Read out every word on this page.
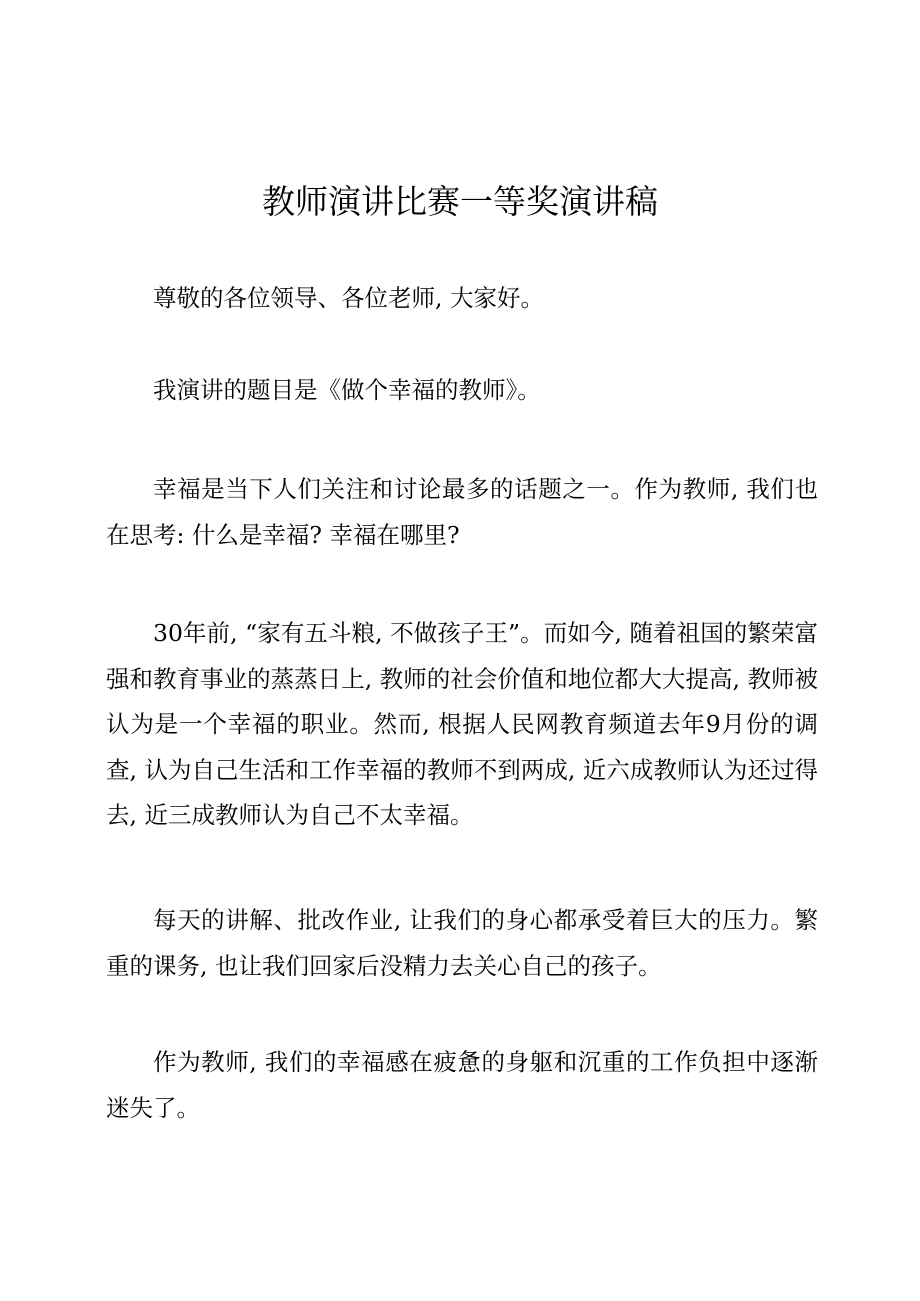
教师演讲比赛一等奖演讲稿

尊敬的各位领导、各位老师, 大家好。

我演讲的题目是《做个幸福的教师》。

幸福是当下人们关注和讨论最多的话题之一。作为教师, 我们也在思考: 什么是幸福? 幸福在哪里?

30年前, “家有五斗粮, 不做孩子王”。而如今, 随着祖国的繁荣富强和教育事业的蒸蒸日上, 教师的社会价值和地位都大大提高, 教师被认为是一个幸福的职业。然而, 根据人民网教育频道去年9月份的调查, 认为自己生活和工作幸福的教师不到两成, 近六成教师认为还过得去, 近三成教师认为自己不太幸福。

每天的讲解、批改作业, 让我们的身心都承受着巨大的压力。繁重的课务, 也让我们回家后没精力去关心自己的孩子。

作为教师, 我们的幸福感在疲惫的身躯和沉重的工作负担中逐渐迷失了。
